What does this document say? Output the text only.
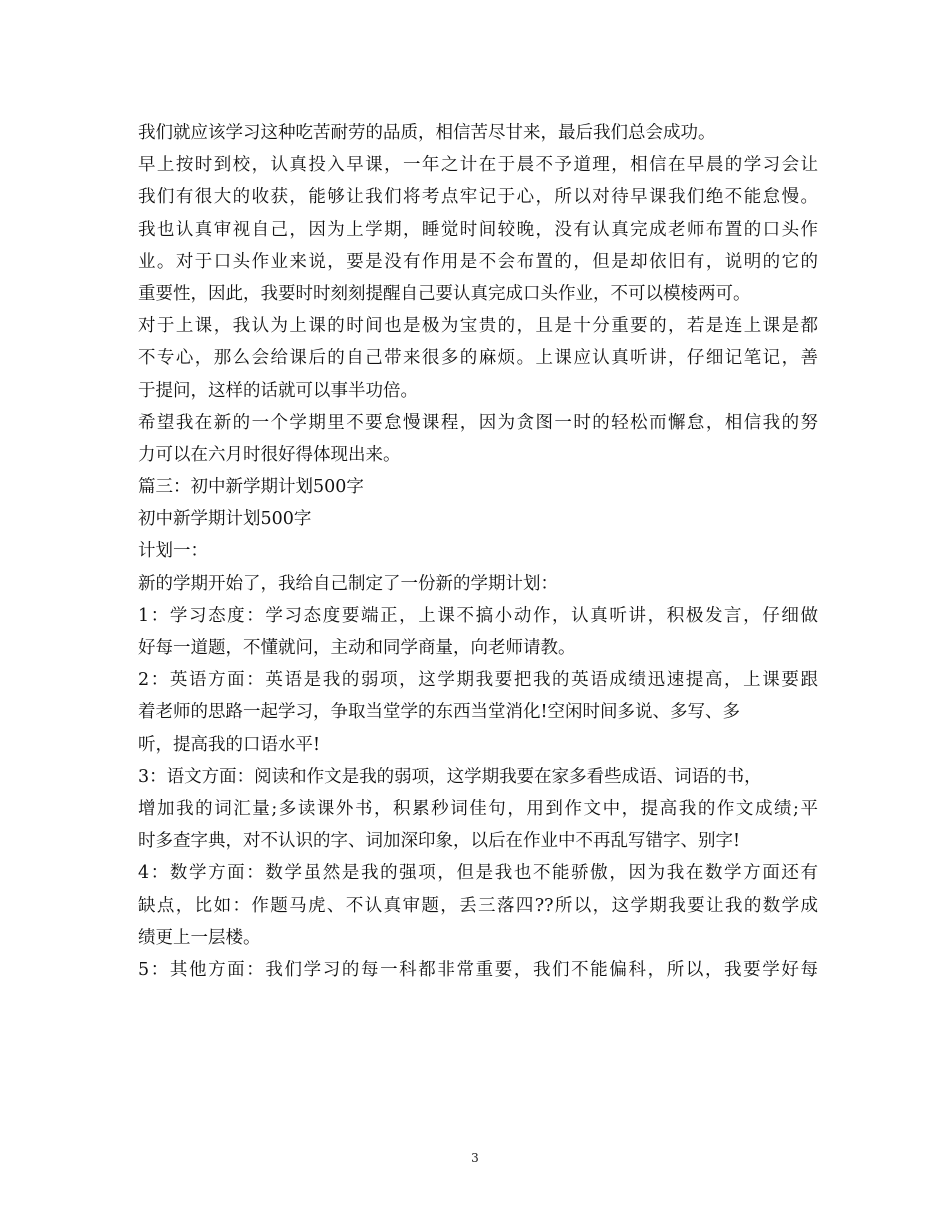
我们就应该学习这种吃苦耐劳的品质，相信苦尽甘来，最后我们总会成功。
早上按时到校，认真投入早课，一年之计在于晨不予道理，相信在早晨的学习会让
我们有很大的收获，能够让我们将考点牢记于心，所以对待早课我们绝不能怠慢。
我也认真审视自己，因为上学期，睡觉时间较晚，没有认真完成老师布置的口头作
业。对于口头作业来说，要是没有作用是不会布置的，但是却依旧有，说明的它的
重要性，因此，我要时时刻刻提醒自己要认真完成口头作业，不可以模棱两可。
对于上课，我认为上课的时间也是极为宝贵的，且是十分重要的，若是连上课是都
不专心，那么会给课后的自己带来很多的麻烦。上课应认真听讲，仔细记笔记，善
于提问，这样的话就可以事半功倍。
希望我在新的一个学期里不要怠慢课程，因为贪图一时的轻松而懈怠，相信我的努
力可以在六月时很好得体现出来。
篇三：初中新学期计划500字
初中新学期计划500字
计划一：
新的学期开始了，我给自己制定了一份新的学期计划：
1：学习态度：学习态度要端正，上课不搞小动作，认真听讲，积极发言，仔细做
好每一道题，不懂就问，主动和同学商量，向老师请教。
2：英语方面：英语是我的弱项，这学期我要把我的英语成绩迅速提高，上课要跟
着老师的思路一起学习，争取当堂学的东西当堂消化!空闲时间多说、多写、多
听，提高我的口语水平!
3：语文方面：阅读和作文是我的弱项，这学期我要在家多看些成语、词语的书，
增加我的词汇量;多读课外书，积累秒词佳句，用到作文中，提高我的作文成绩;平
时多查字典，对不认识的字、词加深印象，以后在作业中不再乱写错字、别字!
4：数学方面：数学虽然是我的强项，但是我也不能骄傲，因为我在数学方面还有
缺点，比如：作题马虎、不认真审题，丢三落四??所以，这学期我要让我的数学成
绩更上一层楼。
5：其他方面：我们学习的每一科都非常重要，我们不能偏科，所以，我要学好每
3
